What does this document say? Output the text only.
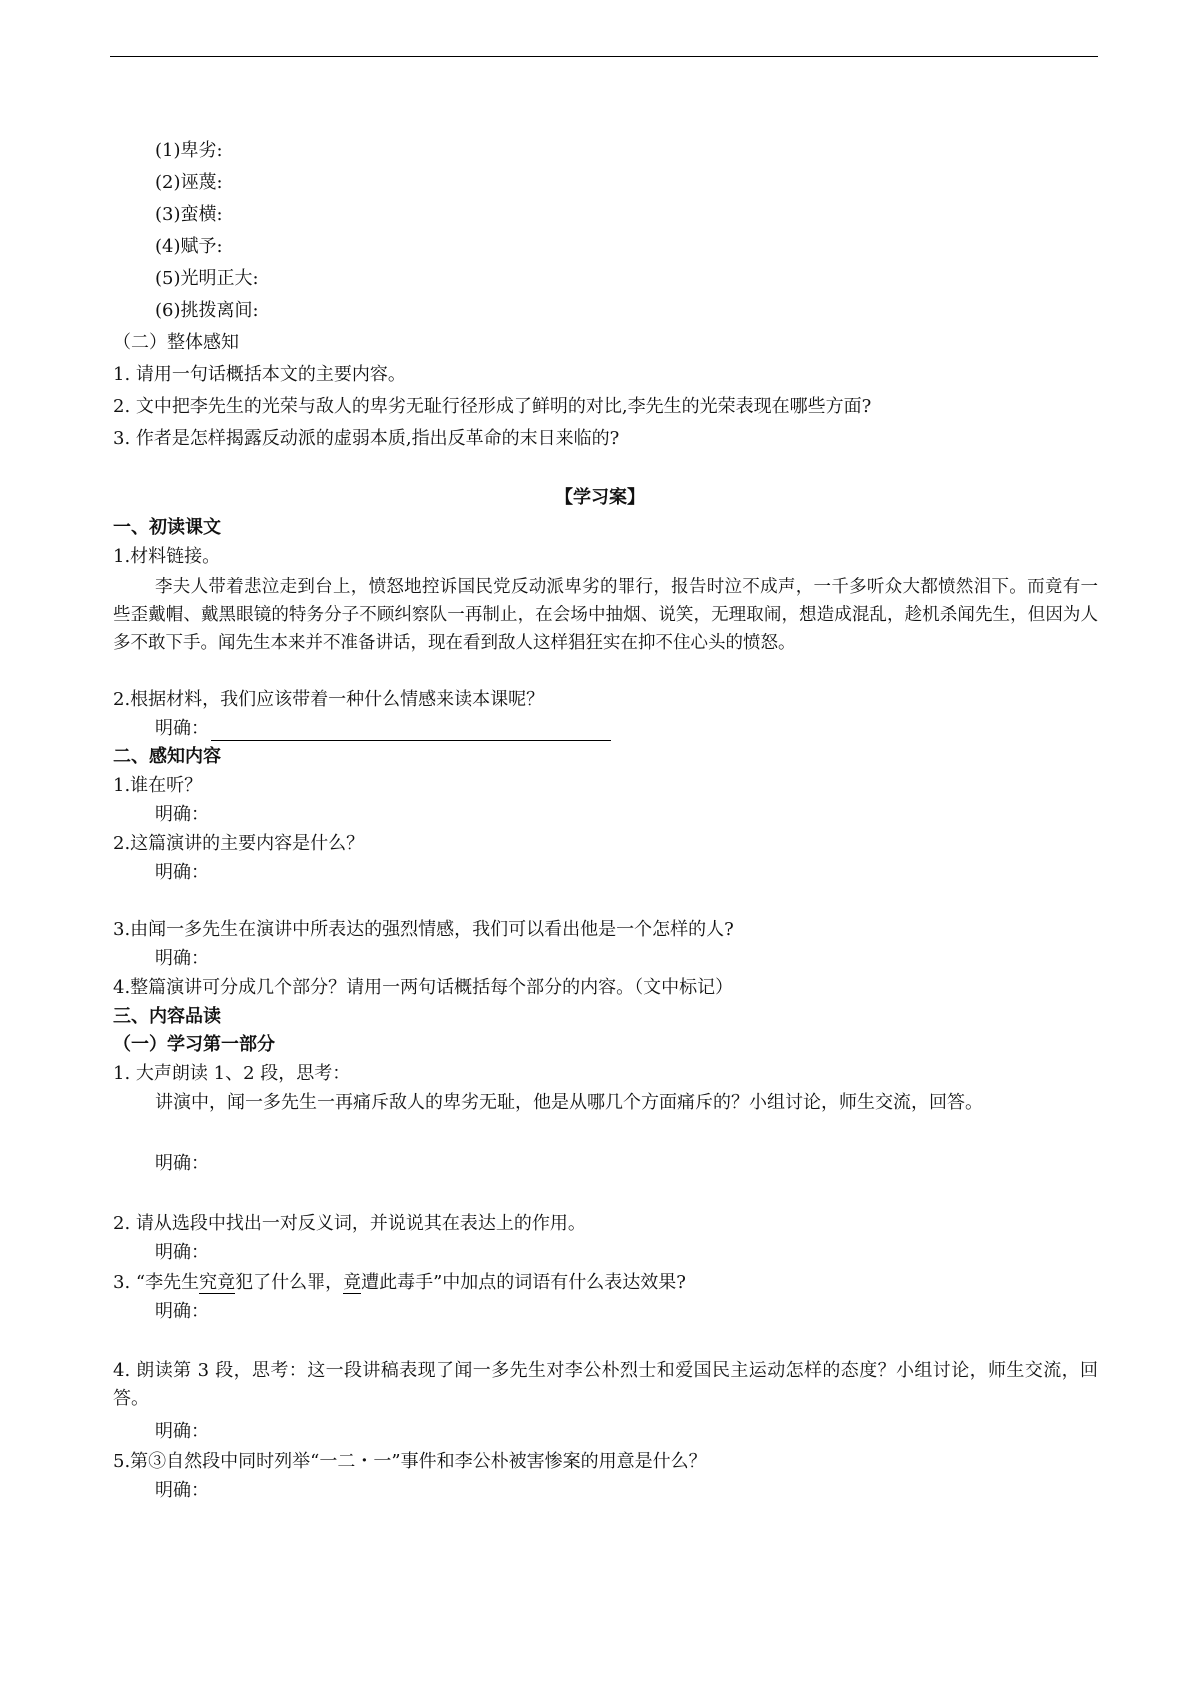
(1)卑劣:
(2)诬蔑:
(3)蛮横:
(4)赋予:
(5)光明正大:
(6)挑拨离间:
（二）整体感知
1. 请用一句话概括本文的主要内容。
2. 文中把李先生的光荣与敌人的卑劣无耻行径形成了鲜明的对比,李先生的光荣表现在哪些方面?
3. 作者是怎样揭露反动派的虚弱本质,指出反革命的末日来临的?
【学习案】
一、初读课文
1.材料链接。
李夫人带着悲泣走到台上，愤怒地控诉国民党反动派卑劣的罪行，报告时泣不成声，一千多听众大都愤然泪下。而竟有一些歪戴帽、戴黑眼镜的特务分子不顾纠察队一再制止，在会场中抽烟、说笑，无理取闹，想造成混乱，趁机杀闻先生，但因为人多不敢下手。闻先生本来并不准备讲话，现在看到敌人这样猖狂实在抑不住心头的愤怒。
2.根据材料，我们应该带着一种什么情感来读本课呢？
明确：
二、感知内容
1.谁在听？
明确：
2.这篇演讲的主要内容是什么？
明确：
3.由闻一多先生在演讲中所表达的强烈情感，我们可以看出他是一个怎样的人?
明确：
4.整篇演讲可分成几个部分？请用一两句话概括每个部分的内容。（文中标记）
三、内容品读
（一）学习第一部分
1. 大声朗读 1、2 段，思考：
讲演中，闻一多先生一再痛斥敌人的卑劣无耻，他是从哪几个方面痛斥的？小组讨论，师生交流，回答。
明确：
2. 请从选段中找出一对反义词，并说说其在表达上的作用。
明确：
3. “李先生究竟犯了什么罪，竟遭此毒手”中加点的词语有什么表达效果?
明确：
4. 朗读第 3 段，思考：这一段讲稿表现了闻一多先生对李公朴烈士和爱国民主运动怎样的态度？小组讨论，师生交流，回答。
明确：
5.第③自然段中同时列举“一二・一”事件和李公朴被害惨案的用意是什么？
明确：
